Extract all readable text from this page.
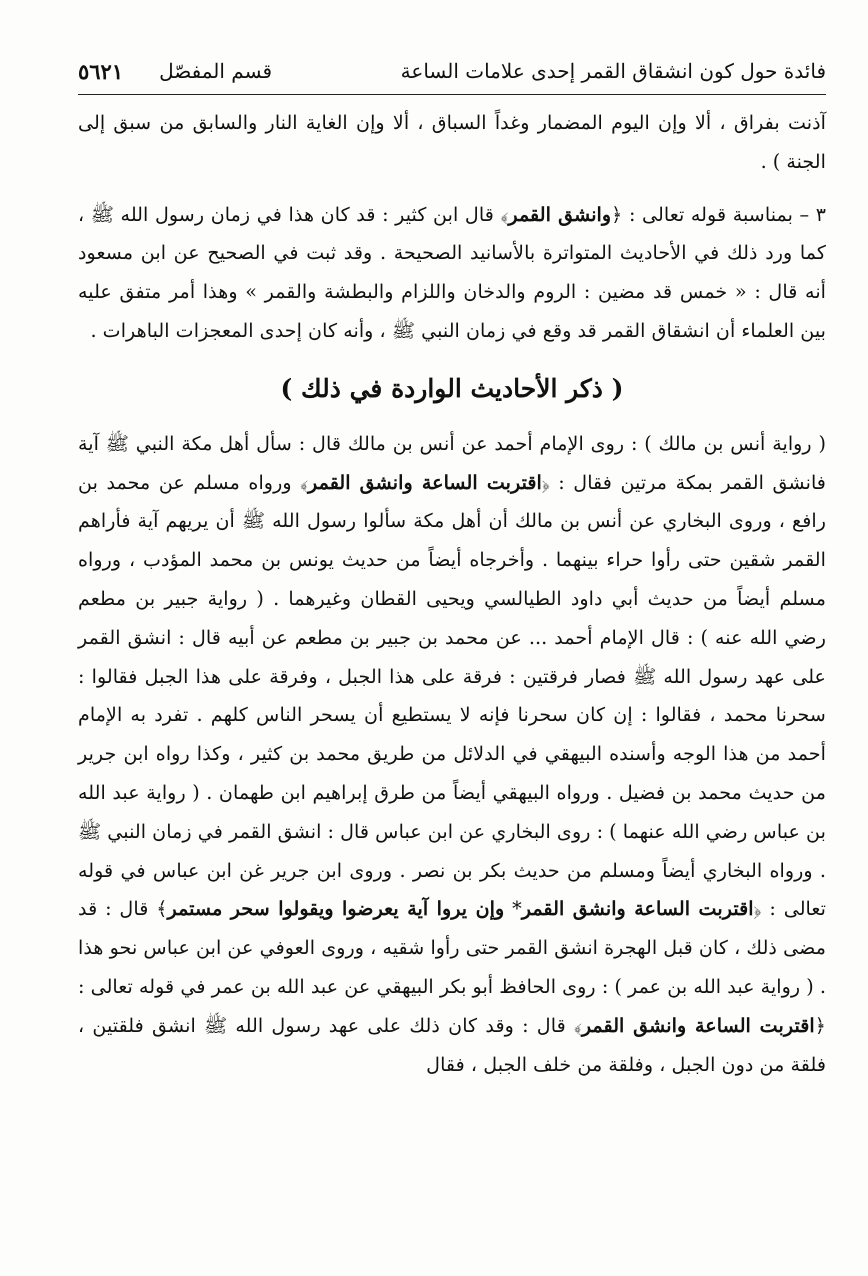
فائدة حول كون انشقاق القمر إحدى علامات الساعة
قسم المفصّل
٥٦٢١

آذنت بفراق ، ألا وإن اليوم المضمار وغداً السباق ، ألا وإن الغاية النار والسابق من سبق إلى الجنة ) .

٣ – بمناسبة قوله تعالى : ﴿وانشق القمر﴾ قال ابن كثير : قد كان هذا في زمان رسول الله ﷺ ، كما ورد ذلك في الأحاديث المتواترة بالأسانيد الصحيحة . وقد ثبت في الصحيح عن ابن مسعود أنه قال : « خمس قد مضين : الروم والدخان واللزام والبطشة والقمر » وهذا أمر متفق عليه بين العلماء أن انشقاق القمر قد وقع في زمان النبي ﷺ ، وأنه كان إحدى المعجزات الباهرات .

( ذكر الأحاديث الواردة في ذلك )

( رواية أنس بن مالك ) : روى الإمام أحمد عن أنس بن مالك قال : سأل أهل مكة النبي ﷺ آية فانشق القمر بمكة مرتين فقال : ﴿اقتربت الساعة وانشق القمر﴾ ورواه مسلم عن محمد بن رافع ، وروى البخاري عن أنس بن مالك أن أهل مكة سألوا رسول الله ﷺ أن يريهم آية فأراهم القمر شقين حتى رأوا حراء بينهما . وأخرجاه أيضاً من حديث يونس بن محمد المؤدب ، ورواه مسلم أيضاً من حديث أبي داود الطيالسي ويحيى القطان وغيرهما . ( رواية جبير بن مطعم رضي الله عنه ) : قال الإمام أحمد ... عن محمد بن جبير بن مطعم عن أبيه قال : انشق القمر على عهد رسول الله ﷺ فصار فرقتين : فرقة على هذا الجبل ، وفرقة على هذا الجبل فقالوا : سحرنا محمد ، فقالوا : إن كان سحرنا فإنه لا يستطيع أن يسحر الناس كلهم . تفرد به الإمام أحمد من هذا الوجه وأسنده البيهقي في الدلائل من طريق محمد بن كثير ، وكذا رواه ابن جرير من حديث محمد بن فضيل . ورواه البيهقي أيضاً من طرق إبراهيم ابن طهمان . ( رواية عبد الله بن عباس رضي الله عنهما ) : روى البخاري عن ابن عباس قال : انشق القمر في زمان النبي ﷺ . ورواه البخاري أيضاً ومسلم من حديث بكر بن نصر . وروى ابن جرير غن ابن عباس في قوله تعالى : ﴿اقتربت الساعة وانشق القمر* وإن يروا آية يعرضوا ويقولوا سحر مستمر﴾ قال : قد مضى ذلك ، كان قبل الهجرة انشق القمر حتى رأوا شقيه ، وروى العوفي عن ابن عباس نحو هذا . ( رواية عبد الله بن عمر ) : روى الحافظ أبو بكر البيهقي عن عبد الله بن عمر في قوله تعالى : ﴿اقتربت الساعة وانشق القمر﴾ قال : وقد كان ذلك على عهد رسول الله ﷺ انشق فلقتين ، فلقة من دون الجبل ، وفلقة من خلف الجبل ، فقال
